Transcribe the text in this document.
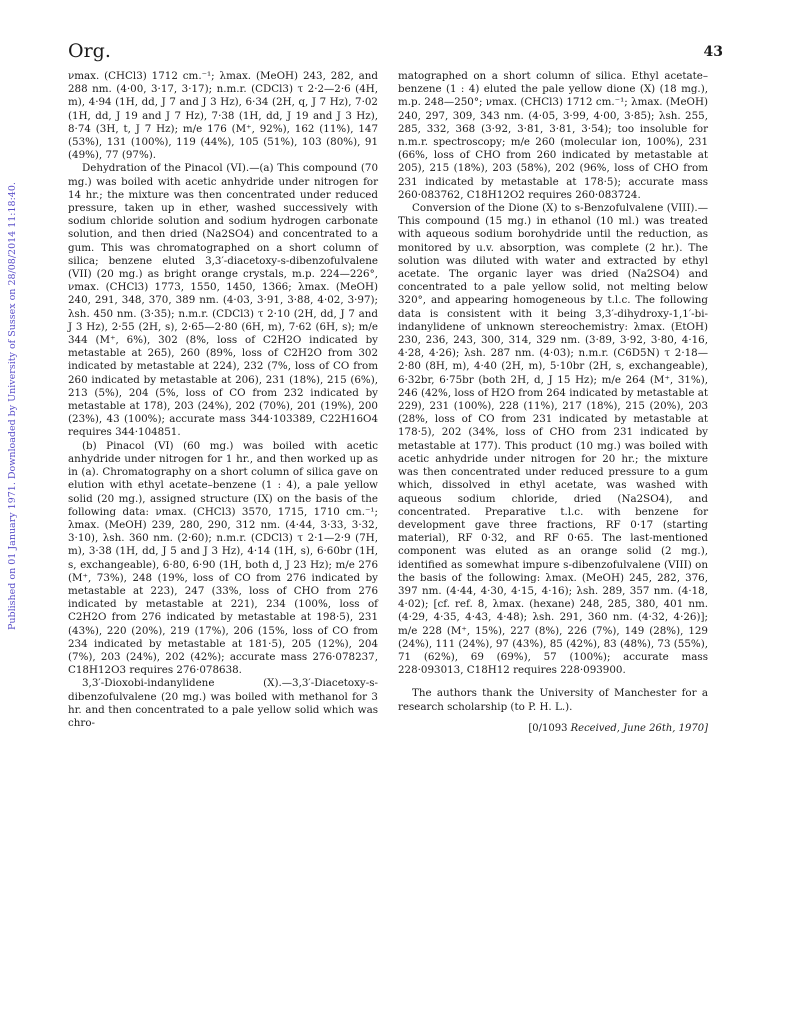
Org.	43
Published on 01 January 1971. Downloaded by University of Sussex on 28/08/2014 11:18:40.

νmax. (CHCl3) 1712 cm.⁻¹; λmax. (MeOH) 243, 282, and 288 nm. (4·00, 3·17, 3·17); n.m.r. (CDCl3) τ 2·2—2·6 (4H, m), 4·94 (1H, dd, J 7 and J 3 Hz), 6·34 (2H, q, J 7 Hz), 7·02 (1H, dd, J 19 and J 7 Hz), 7·38 (1H, dd, J 19 and J 3 Hz), 8·74 (3H, t, J 7 Hz); m/e 176 (M⁺, 92%), 162 (11%), 147 (53%), 131 (100%), 119 (44%), 105 (51%), 103 (80%), 91 (49%), 77 (97%).

Dehydration of the Pinacol (VI).—(a) This compound (70 mg.) was boiled with acetic anhydride under nitrogen for 14 hr.; the mixture was then concentrated under reduced pressure, taken up in ether, washed successively with sodium chloride solution and sodium hydrogen carbonate solution, and then dried (Na2SO4) and concentrated to a gum. This was chromatographed on a short column of silica; benzene eluted 3,3′-diacetoxy-s-dibenzofulvalene (VII) (20 mg.) as bright orange crystals, m.p. 224—226°, νmax. (CHCl3) 1773, 1550, 1450, 1366; λmax. (MeOH) 240, 291, 348, 370, 389 nm. (4·03, 3·91, 3·88, 4·02, 3·97); λsh. 450 nm. (3·35); n.m.r. (CDCl3) τ 2·10 (2H, dd, J 7 and J 3 Hz), 2·55 (2H, s), 2·65—2·80 (6H, m), 7·62 (6H, s); m/e 344 (M⁺, 6%), 302 (8%, loss of C2H2O indicated by metastable at 265), 260 (89%, loss of C2H2O from 302 indicated by metastable at 224), 232 (7%, loss of CO from 260 indicated by metastable at 206), 231 (18%), 215 (6%), 213 (5%), 204 (5%, loss of CO from 232 indicated by metastable at 178), 203 (24%), 202 (70%), 201 (19%), 200 (23%), 43 (100%); accurate mass 344·103389, C22H16O4 requires 344·104851.

(b) Pinacol (VI) (60 mg.) was boiled with acetic anhydride under nitrogen for 1 hr., and then worked up as in (a). Chromatography on a short column of silica gave on elution with ethyl acetate–benzene (1 : 4), a pale yellow solid (20 mg.), assigned structure (IX) on the basis of the following data: νmax. (CHCl3) 3570, 1715, 1710 cm.⁻¹; λmax. (MeOH) 239, 280, 290, 312 nm. (4·44, 3·33, 3·32, 3·10), λsh. 360 nm. (2·60); n.m.r. (CDCl3) τ 2·1—2·9 (7H, m), 3·38 (1H, dd, J 5 and J 3 Hz), 4·14 (1H, s), 6·60br (1H, s, exchangeable), 6·80, 6·90 (1H, both d, J 23 Hz); m/e 276 (M⁺, 73%), 248 (19%, loss of CO from 276 indicated by metastable at 223), 247 (33%, loss of CHO from 276 indicated by metastable at 221), 234 (100%, loss of C2H2O from 276 indicated by metastable at 198·5), 231 (43%), 220 (20%), 219 (17%), 206 (15%, loss of CO from 234 indicated by metastable at 181·5), 205 (12%), 204 (7%), 203 (24%), 202 (42%); accurate mass 276·078237, C18H12O3 requires 276·078638.

3,3′-Dioxobi-indanylidene (X).—3,3′-Diacetoxy-s-dibenzofulvalene (20 mg.) was boiled with methanol for 3 hr. and then concentrated to a pale yellow solid which was chro-

matographed on a short column of silica. Ethyl acetate–benzene (1 : 4) eluted the pale yellow dione (X) (18 mg.), m.p. 248—250°; νmax. (CHCl3) 1712 cm.⁻¹; λmax. (MeOH) 240, 297, 309, 343 nm. (4·05, 3·99, 4·00, 3·85); λsh. 255, 285, 332, 368 (3·92, 3·81, 3·81, 3·54); too insoluble for n.m.r. spectroscopy; m/e 260 (molecular ion, 100%), 231 (66%, loss of CHO from 260 indicated by metastable at 205), 215 (18%), 203 (58%), 202 (96%, loss of CHO from 231 indicated by metastable at 178·5); accurate mass 260·083762, C18H12O2 requires 260·083724.

Conversion of the Dione (X) to s-Benzofulvalene (VIII).—This compound (15 mg.) in ethanol (10 ml.) was treated with aqueous sodium borohydride until the reduction, as monitored by u.v. absorption, was complete (2 hr.). The solution was diluted with water and extracted by ethyl acetate. The organic layer was dried (Na2SO4) and concentrated to a pale yellow solid, not melting below 320°, and appearing homogeneous by t.l.c. The following data is consistent with it being 3,3′-dihydroxy-1,1′-bi-indanylidene of unknown stereochemistry: λmax. (EtOH) 230, 236, 243, 300, 314, 329 nm. (3·89, 3·92, 3·80, 4·16, 4·28, 4·26); λsh. 287 nm. (4·03); n.m.r. (C6D5N) τ 2·18—2·80 (8H, m), 4·40 (2H, m), 5·10br (2H, s, exchangeable), 6·32br, 6·75br (both 2H, d, J 15 Hz); m/e 264 (M⁺, 31%), 246 (42%, loss of H2O from 264 indicated by metastable at 229), 231 (100%), 228 (11%), 217 (18%), 215 (20%), 203 (28%, loss of CO from 231 indicated by metastable at 178·5), 202 (34%, loss of CHO from 231 indicated by metastable at 177). This product (10 mg.) was boiled with acetic anhydride under nitrogen for 20 hr.; the mixture was then concentrated under reduced pressure to a gum which, dissolved in ethyl acetate, was washed with aqueous sodium chloride, dried (Na2SO4), and concentrated. Preparative t.l.c. with benzene for development gave three fractions, RF 0·17 (starting material), RF 0·32, and RF 0·65. The last-mentioned component was eluted as an orange solid (2 mg.), identified as somewhat impure s-dibenzofulvalene (VIII) on the basis of the following: λmax. (MeOH) 245, 282, 376, 397 nm. (4·44, 4·30, 4·15, 4·16); λsh. 289, 357 nm. (4·18, 4·02); [cf. ref. 8, λmax. (hexane) 248, 285, 380, 401 nm. (4·29, 4·35, 4·43, 4·48); λsh. 291, 360 nm. (4·32, 4·26)]; m/e 228 (M⁺, 15%), 227 (8%), 226 (7%), 149 (28%), 129 (24%), 111 (24%), 97 (43%), 85 (42%), 83 (48%), 73 (55%), 71 (62%), 69 (69%), 57 (100%); accurate mass 228·093013, C18H12 requires 228·093900.

The authors thank the University of Manchester for a research scholarship (to P. H. L.).

[0/1093 Received, June 26th, 1970]
